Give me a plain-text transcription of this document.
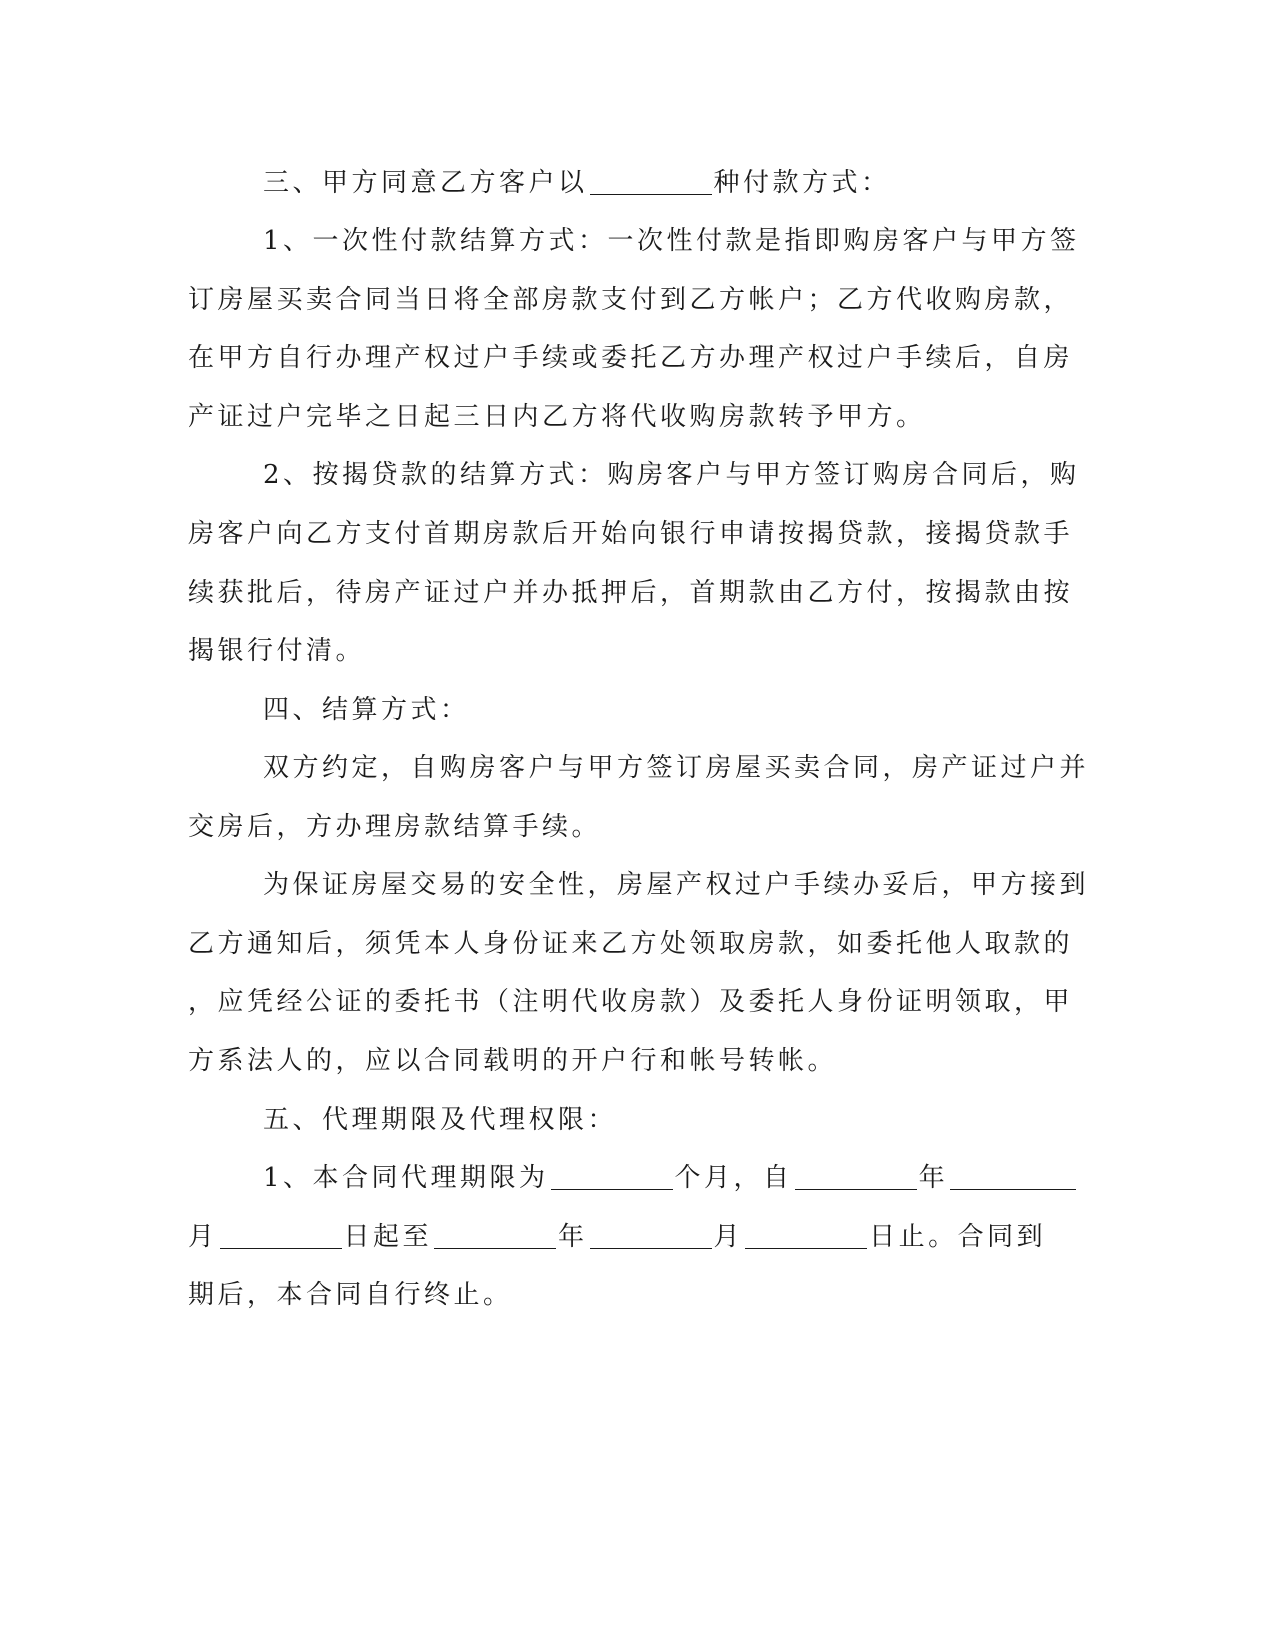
三、甲方同意乙方客户以	种付款方式：
1、一次性付款结算方式：一次性付款是指即购房客户与甲方签
订房屋买卖合同当日将全部房款支付到乙方帐户；乙方代收购房款，
在甲方自行办理产权过户手续或委托乙方办理产权过户手续后，自房
产证过户完毕之日起三日内乙方将代收购房款转予甲方。
2、按揭贷款的结算方式：购房客户与甲方签订购房合同后，购
房客户向乙方支付首期房款后开始向银行申请按揭贷款，接揭贷款手
续获批后，待房产证过户并办抵押后，首期款由乙方付，按揭款由按
揭银行付清。
四、结算方式：
双方约定，自购房客户与甲方签订房屋买卖合同，房产证过户并
交房后，方办理房款结算手续。
为保证房屋交易的安全性，房屋产权过户手续办妥后，甲方接到
乙方通知后，须凭本人身份证来乙方处领取房款，如委托他人取款的
，应凭经公证的委托书（注明代收房款）及委托人身份证明领取，甲
方系法人的，应以合同载明的开户行和帐号转帐。
五、代理期限及代理权限：
1、本合同代理期限为	个月，自	年
月	日起至	年	月	日止。合同到
期后，本合同自行终止。
